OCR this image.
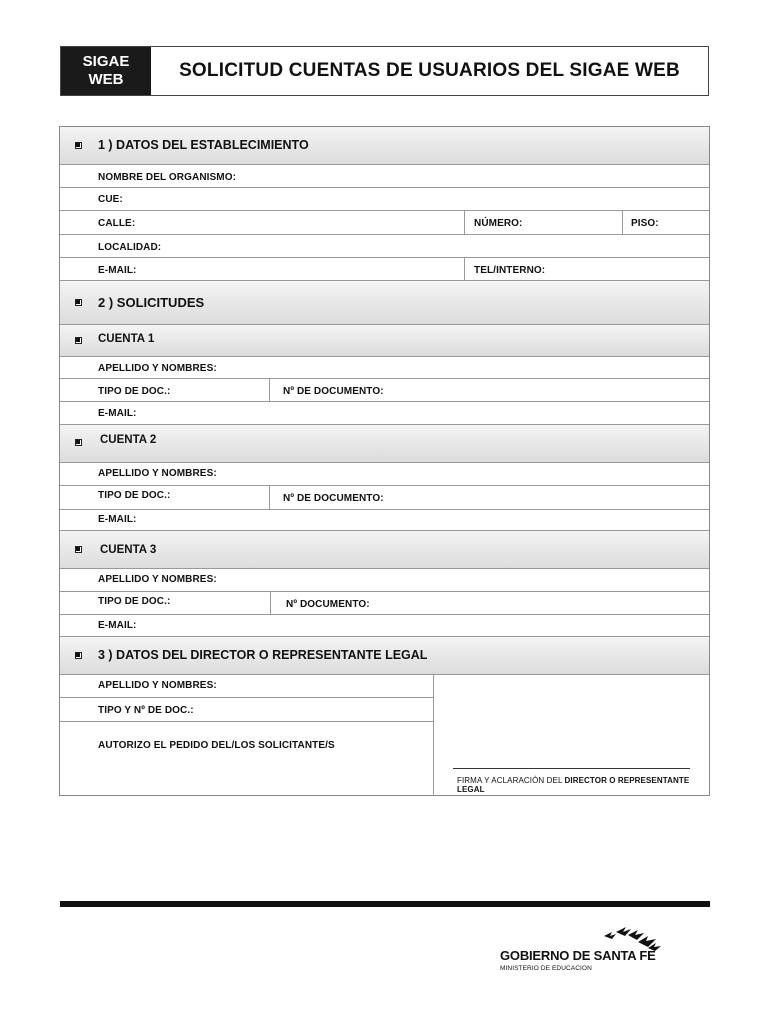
SIGAE
WEB	SOLICITUD CUENTAS DE USUARIOS DEL SIGAE WEB
1 ) DATOS DEL ESTABLECIMIENTO
NOMBRE DEL ORGANISMO:
CUE:
CALLE:	NÚMERO:	PISO:
LOCALIDAD:
E-MAIL:	TEL/INTERNO:
2 ) SOLICITUDES
CUENTA 1
APELLIDO Y NOMBRES:
TIPO DE DOC.:	Nº DE DOCUMENTO:
E-MAIL:
CUENTA 2
APELLIDO Y NOMBRES:
TIPO DE DOC.:	Nº DE DOCUMENTO:
E-MAIL:
CUENTA 3
APELLIDO Y NOMBRES:
TIPO DE DOC.:	Nº DOCUMENTO:
E-MAIL:
3 ) DATOS DEL DIRECTOR O REPRESENTANTE LEGAL
APELLIDO Y NOMBRES:
TIPO Y Nº DE DOC.:
AUTORIZO EL PEDIDO DEL/LOS SOLICITANTE/S
FIRMA Y ACLARACIÓN DEL DIRECTOR O REPRESENTANTE LEGAL
GOBIERNO DE SANTA FE
MINISTERIO DE EDUCACION
